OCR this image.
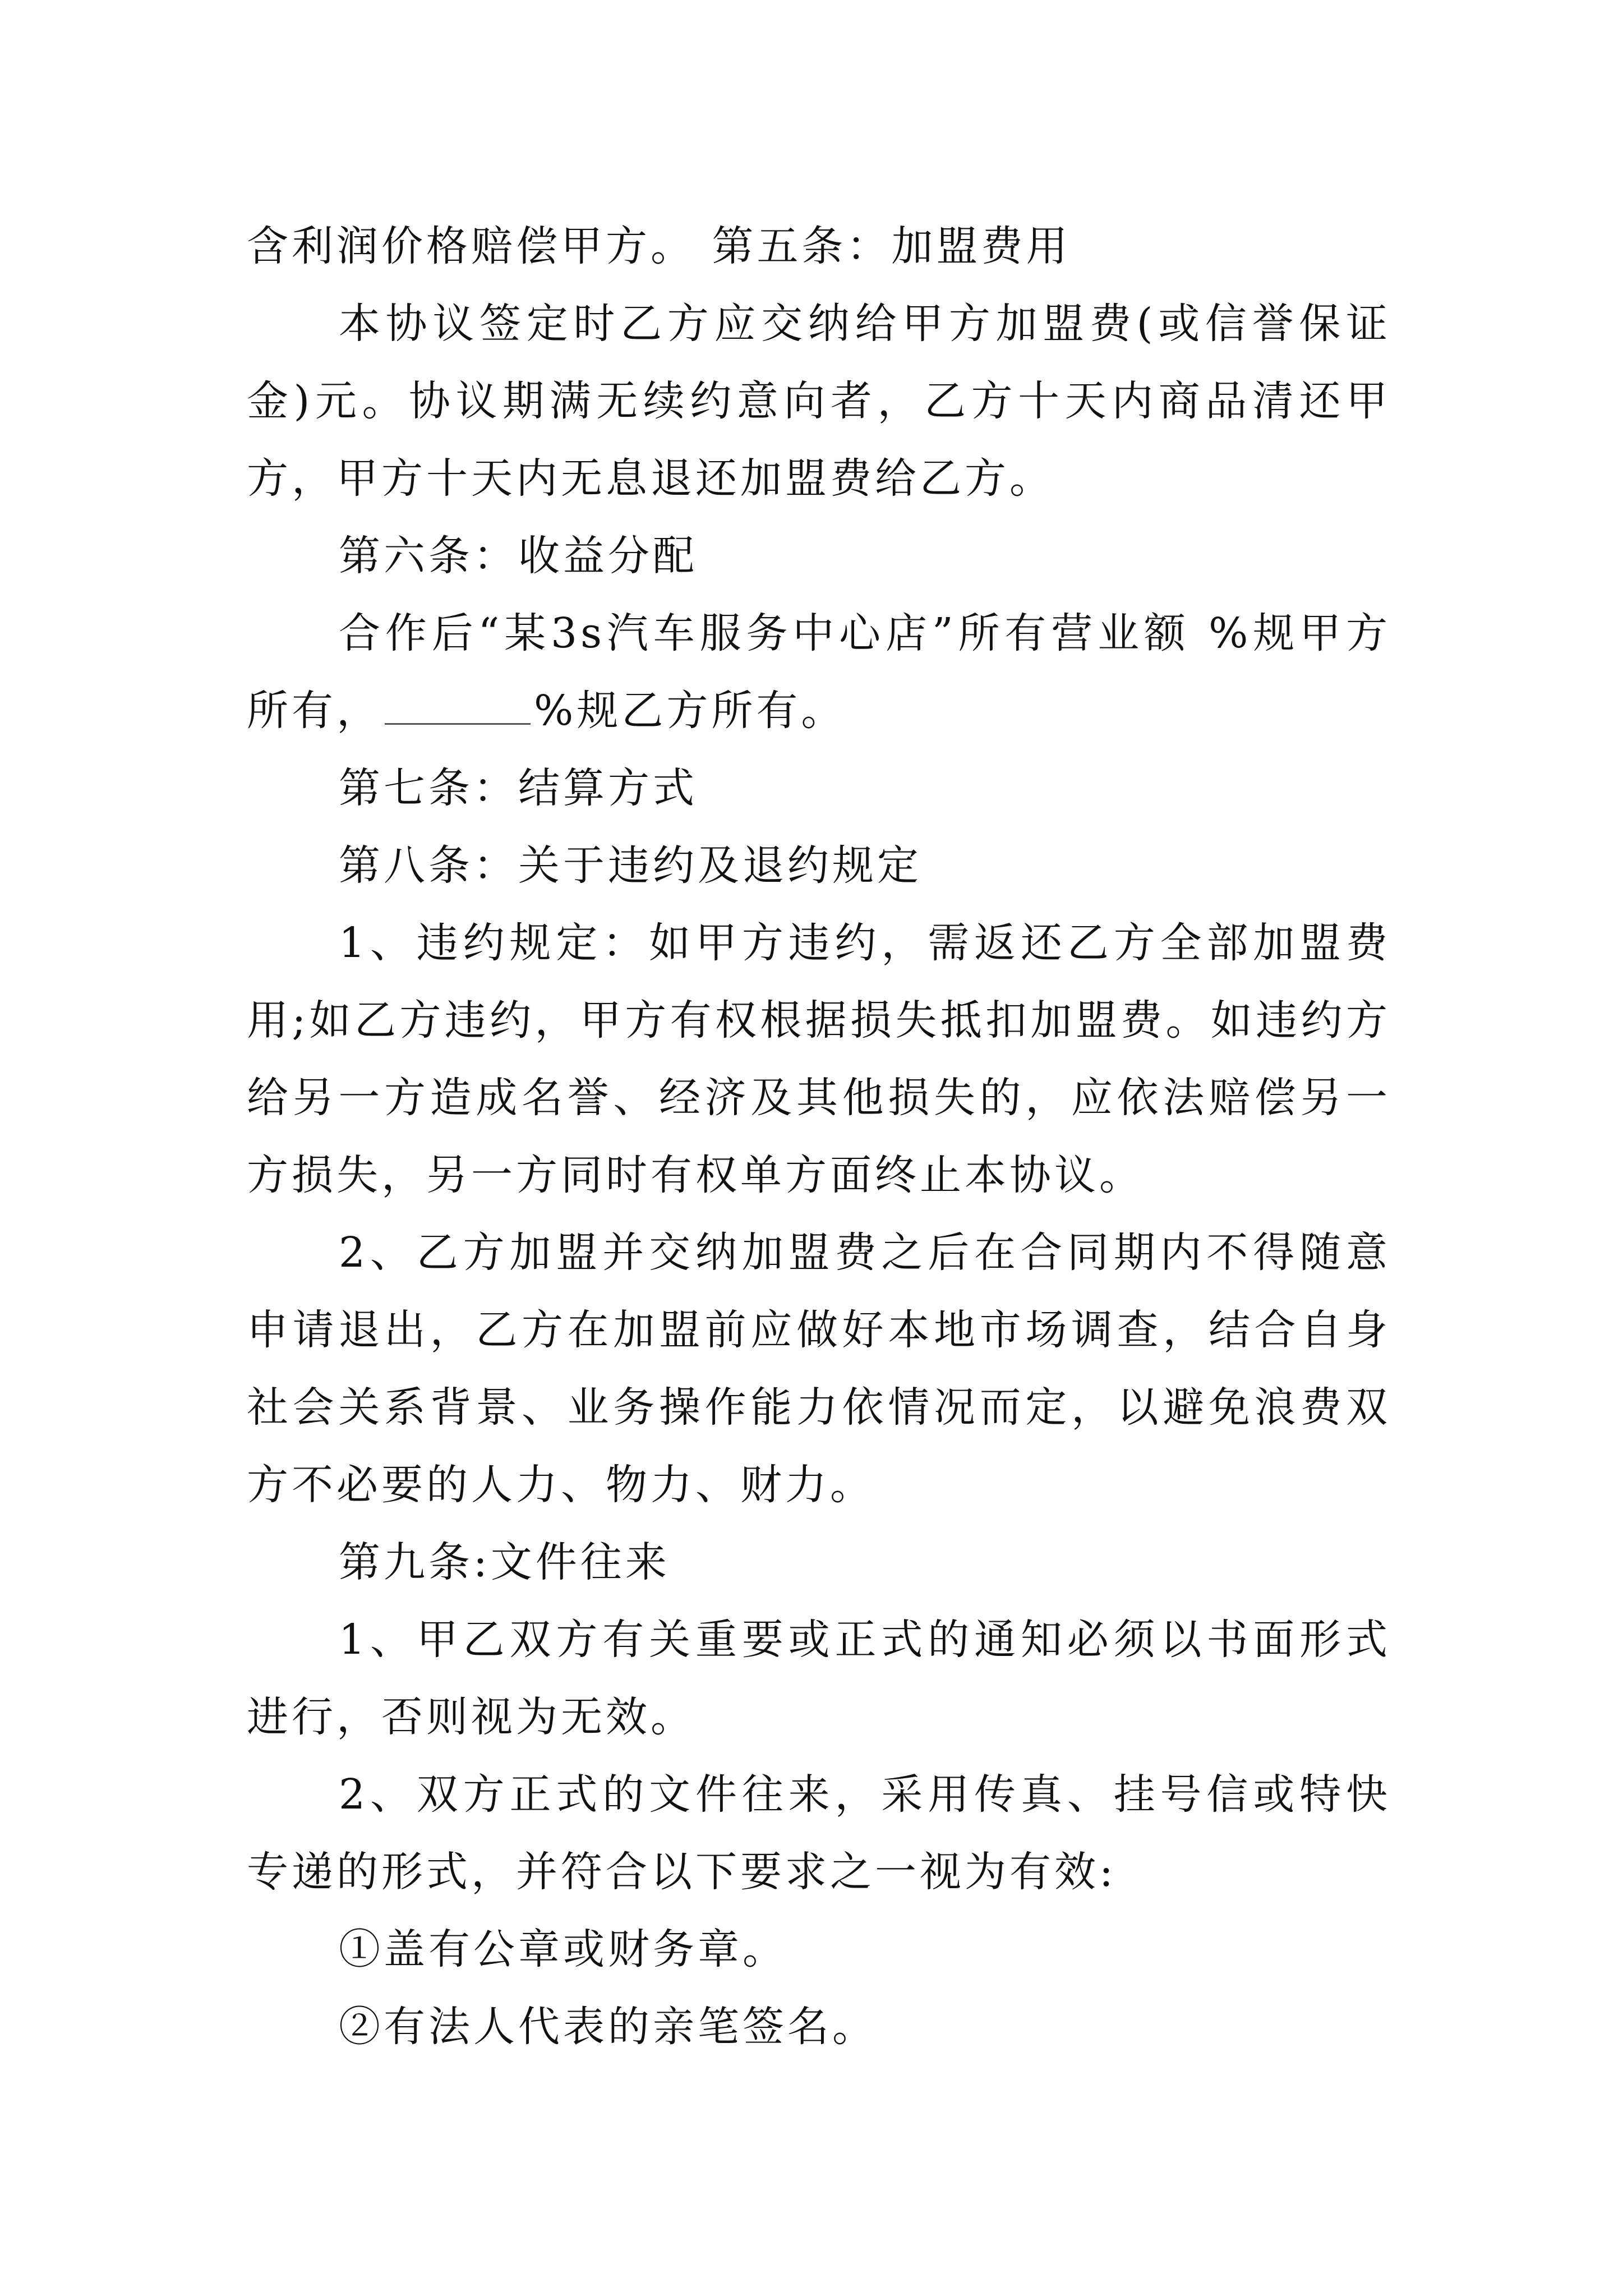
含利润价格赔偿甲方。 第五条：加盟费用

本协议签定时乙方应交纳给甲方加盟费(或信誉保证金)元。协议期满无续约意向者，乙方十天内商品清还甲方，甲方十天内无息退还加盟费给乙方。

第六条：收益分配

合作后“某3s汽车服务中心店”所有营业额 %规甲方所有，	%规乙方所有。

第七条：结算方式

第八条：关于违约及退约规定

1、违约规定：如甲方违约，需返还乙方全部加盟费用;如乙方违约，甲方有权根据损失抵扣加盟费。如违约方给另一方造成名誉、经济及其他损失的，应依法赔偿另一方损失，另一方同时有权单方面终止本协议。

2、乙方加盟并交纳加盟费之后在合同期内不得随意申请退出，乙方在加盟前应做好本地市场调查，结合自身社会关系背景、业务操作能力依情况而定，以避免浪费双方不必要的人力、物力、财力。

第九条:文件往来

1、甲乙双方有关重要或正式的通知必须以书面形式进行，否则视为无效。

2、双方正式的文件往来，采用传真、挂号信或特快专递的形式，并符合以下要求之一视为有效:

①盖有公章或财务章。

②有法人代表的亲笔签名。
